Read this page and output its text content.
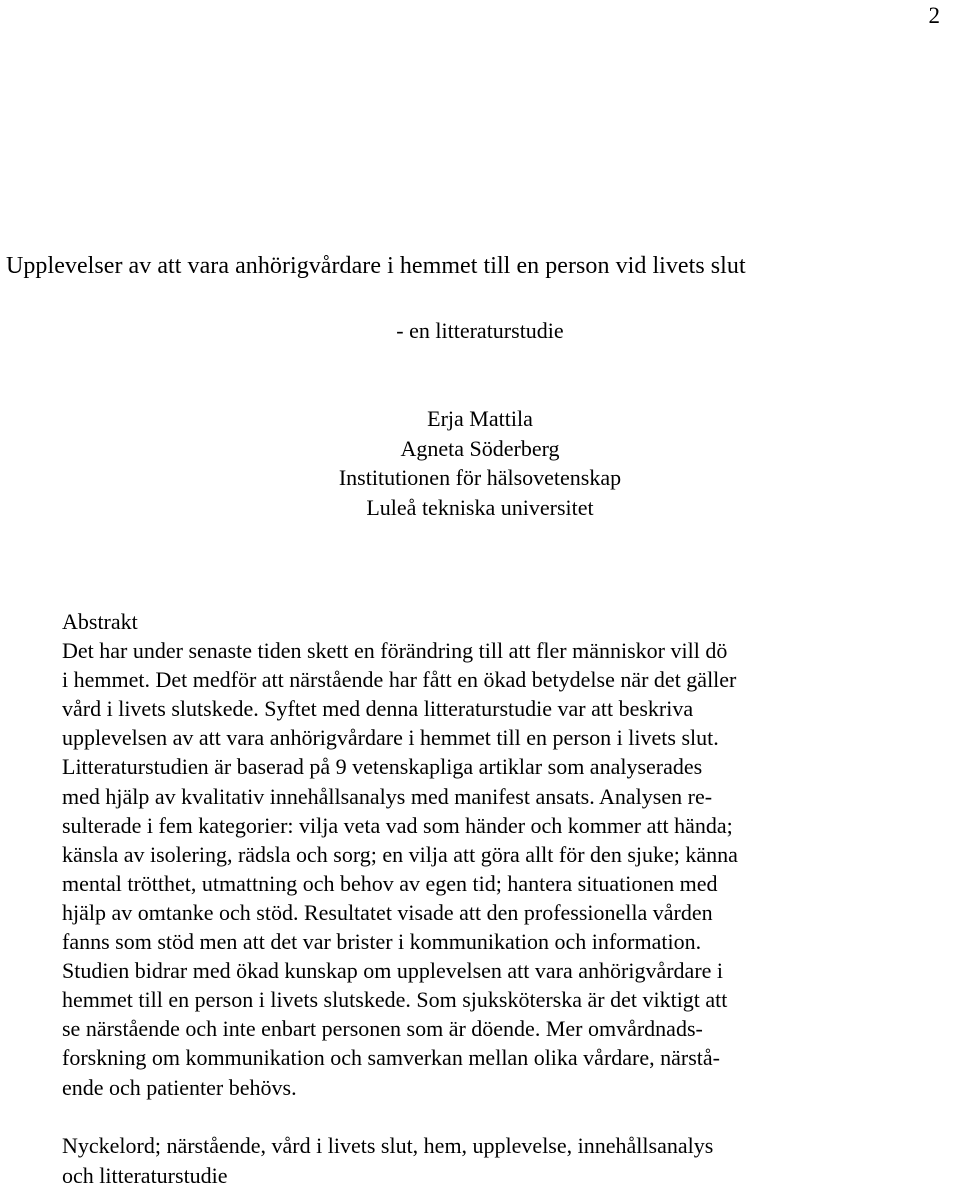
2
Upplevelser av att vara anhörigvårdare i hemmet till en person vid livets slut
- en litteraturstudie
Erja Mattila
Agneta Söderberg
Institutionen för hälsovetenskap
Luleå tekniska universitet
Abstrakt
Det har under senaste tiden skett en förändring till att fler människor vill dö
i hemmet. Det medför att närstående har fått en ökad betydelse när det gäller
vård i livets slutskede. Syftet med denna litteraturstudie var att beskriva
upplevelsen av att vara anhörigvårdare i hemmet till en person i livets slut.
Litteraturstudien är baserad på 9 vetenskapliga artiklar som analyserades
med hjälp av kvalitativ innehållsanalys med manifest ansats. Analysen re-
sulterade i fem kategorier: vilja veta vad som händer och kommer att hända;
känsla av isolering, rädsla och sorg; en vilja att göra allt för den sjuke; känna
mental trötthet, utmattning och behov av egen tid; hantera situationen med
hjälp av omtanke och stöd. Resultatet visade att den professionella vården
fanns som stöd men att det var brister i kommunikation och information.
Studien bidrar med ökad kunskap om upplevelsen att vara anhörigvårdare i
hemmet till en person i livets slutskede. Som sjuksköterska är det viktigt att
se närstående och inte enbart personen som är döende. Mer omvårdnads-
forskning om kommunikation och samverkan mellan olika vårdare, närstå-
ende och patienter behövs.
Nyckelord; närstående, vård i livets slut, hem, upplevelse, innehållsanalys
och litteraturstudie
